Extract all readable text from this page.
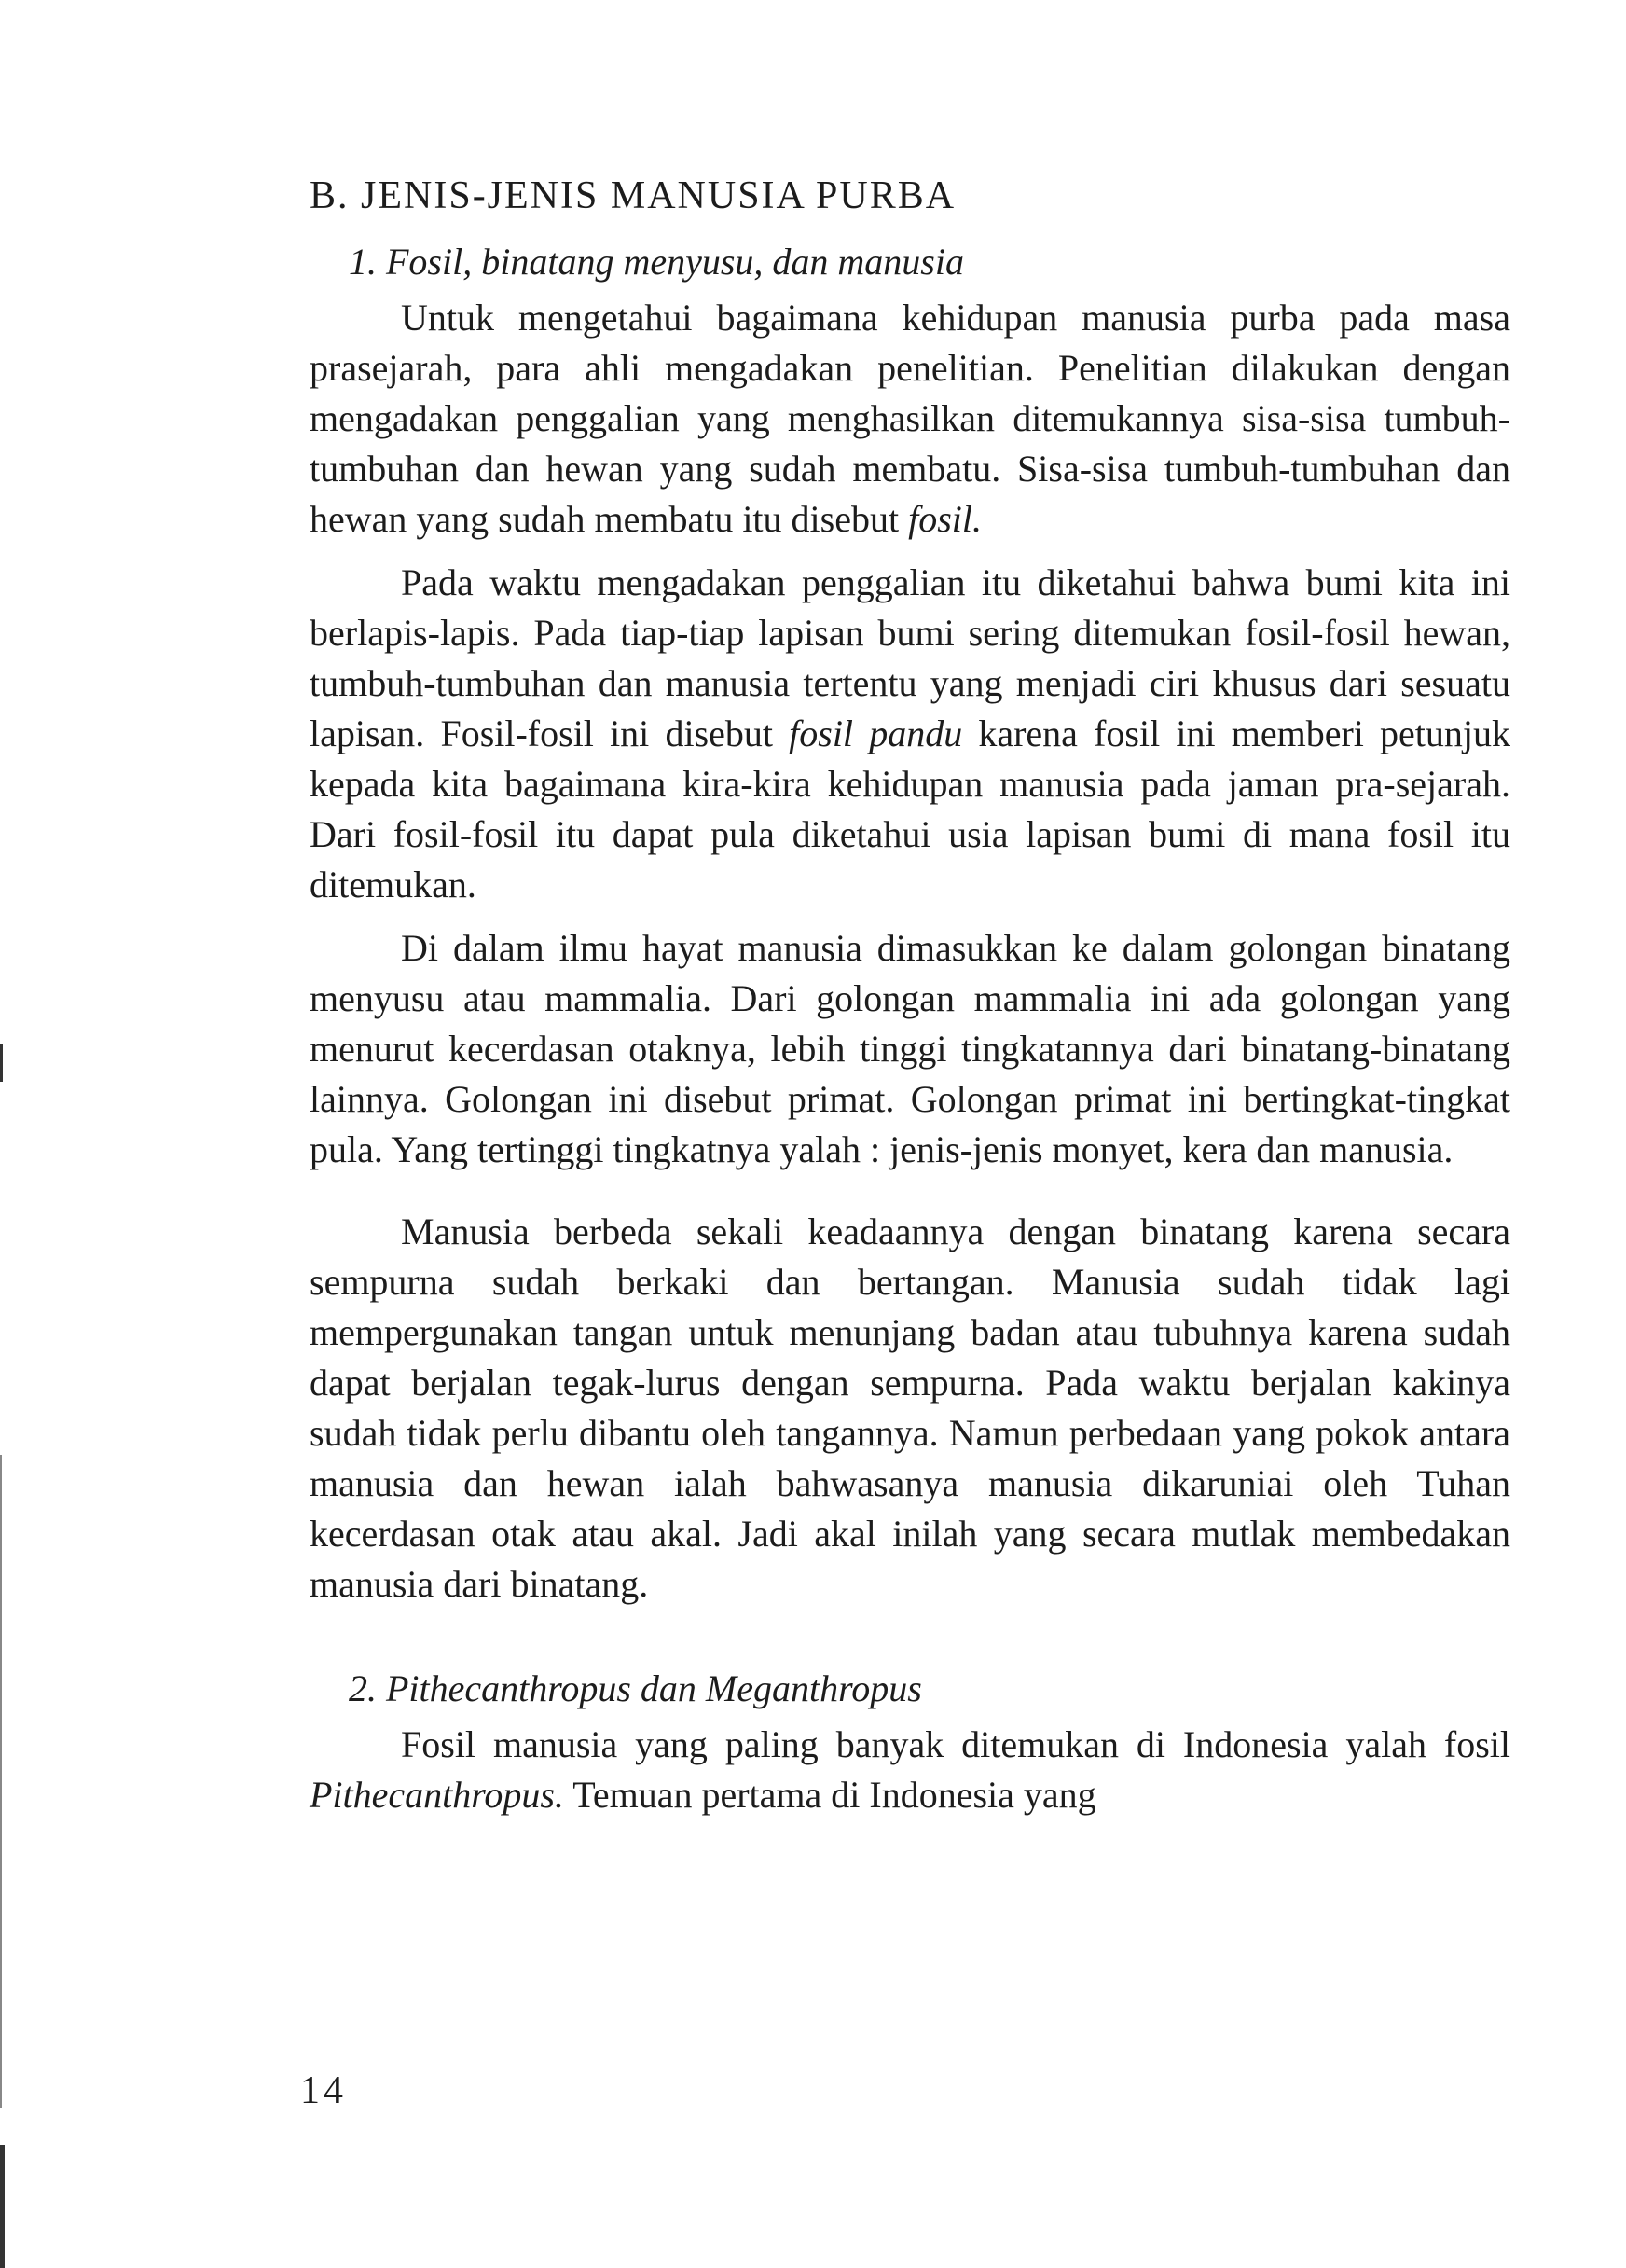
B. JENIS-JENIS MANUSIA PURBA
1. Fosil, binatang menyusu, dan manusia

Untuk mengetahui bagaimana kehidupan manusia purba pada masa prasejarah, para ahli mengadakan penelitian. Penelitian dilakukan dengan mengadakan penggalian yang menghasilkan ditemukannya sisa-sisa tumbuh-tumbuhan dan hewan yang sudah membatu. Sisa-sisa tumbuh-tumbuhan dan hewan yang sudah membatu itu disebut fosil.

Pada waktu mengadakan penggalian itu diketahui bahwa bumi kita ini berlapis-lapis. Pada tiap-tiap lapisan bumi sering ditemukan fosil-fosil hewan, tumbuh-tumbuhan dan manusia tertentu yang menjadi ciri khusus dari sesuatu lapisan. Fosil-fosil ini disebut fosil pandu karena fosil ini memberi petunjuk kepada kita bagaimana kira-kira kehidupan manusia pada jaman pra-sejarah. Dari fosil-fosil itu dapat pula diketahui usia lapisan bumi di mana fosil itu ditemukan.

Di dalam ilmu hayat manusia dimasukkan ke dalam golongan binatang menyusu atau mammalia. Dari golongan mammalia ini ada golongan yang menurut kecerdasan otaknya, lebih tinggi tingkatannya dari binatang-binatang lainnya. Golongan ini disebut primat. Golongan primat ini bertingkat-tingkat pula. Yang tertinggi tingkatnya yalah : jenis-jenis monyet, kera dan manusia.

Manusia berbeda sekali keadaannya dengan binatang karena secara sempurna sudah berkaki dan bertangan. Manusia sudah tidak lagi mempergunakan tangan untuk menunjang badan atau tubuhnya karena sudah dapat berjalan tegak-lurus dengan sempurna. Pada waktu berjalan kakinya sudah tidak perlu dibantu oleh tangannya. Namun perbedaan yang pokok antara manusia dan hewan ialah bahwasanya manusia dikaruniai oleh Tuhan kecerdasan otak atau akal. Jadi akal inilah yang secara mutlak membedakan manusia dari binatang.

2. Pithecanthropus dan Meganthropus

Fosil manusia yang paling banyak ditemukan di Indonesia yalah fosil Pithecanthropus. Temuan pertama di Indonesia yang

14
